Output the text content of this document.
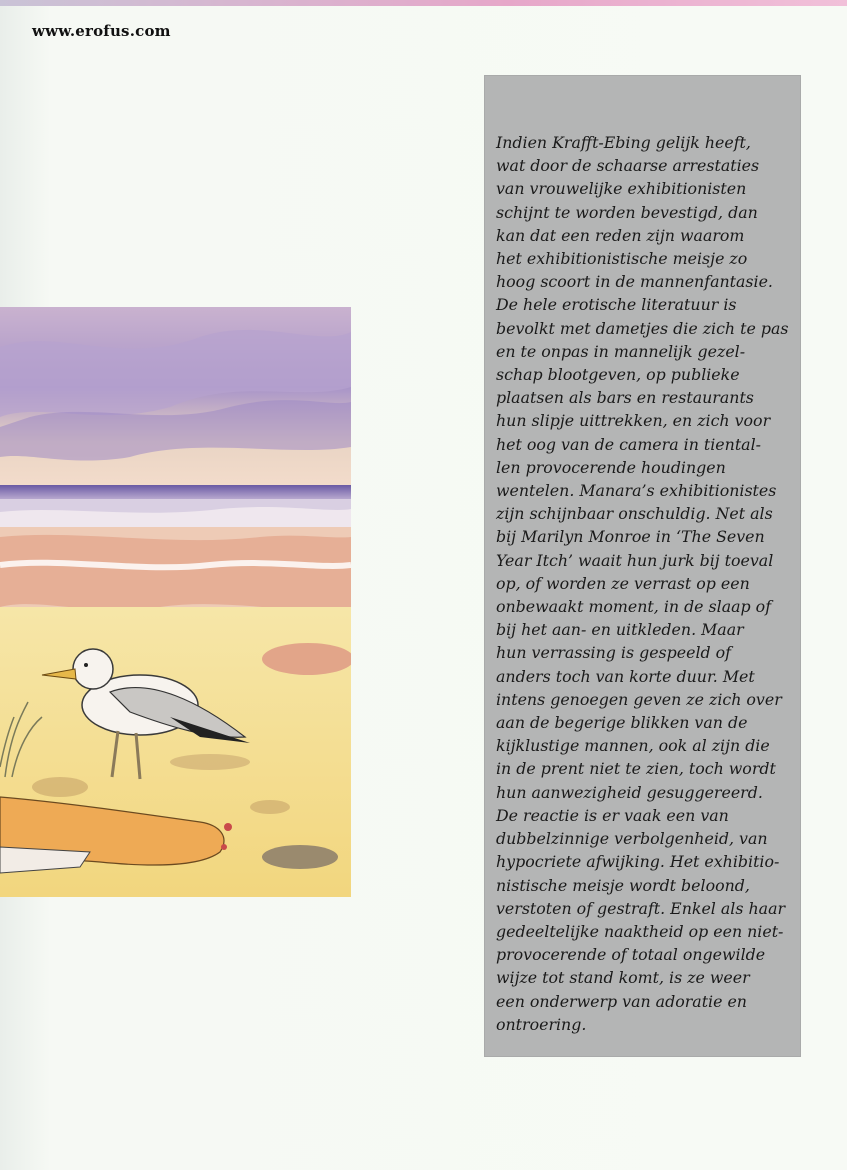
www.erofus.com

Indien Krafft-Ebing gelijk heeft,
wat door de schaarse arrestaties
van vrouwelijke exhibitionisten
schijnt te worden bevestigd, dan
kan dat een reden zijn waarom
het exhibitionistische meisje zo
hoog scoort in de mannenfantasie.
De hele erotische literatuur is
bevolkt met dametjes die zich te pas
en te onpas in mannelijk gezel-
schap blootgeven, op publieke
plaatsen als bars en restaurants
hun slipje uittrekken, en zich voor
het oog van de camera in tiental-
len provocerende houdingen
wentelen. Manara’s exhibitionistes
zijn schijnbaar onschuldig. Net als
bij Marilyn Monroe in ‘The Seven
Year Itch’ waait hun jurk bij toeval
op, of worden ze verrast op een
onbewaakt moment, in de slaap of
bij het aan- en uitkleden. Maar
hun verrassing is gespeeld of
anders toch van korte duur. Met
intens genoegen geven ze zich over
aan de begerige blikken van de
kijklustige mannen, ook al zijn die
in de prent niet te zien, toch wordt
hun aanwezigheid gesuggereerd.
De reactie is er vaak een van
dubbelzinnige verbolgenheid, van
hypocriete afwijking. Het exhibitio-
nistische meisje wordt beloond,
verstoten of gestraft. Enkel als haar
gedeeltelijke naaktheid op een niet-
provocerende of totaal ongewilde
wijze tot stand komt, is ze weer
een onderwerp van adoratie en
ontroering.
